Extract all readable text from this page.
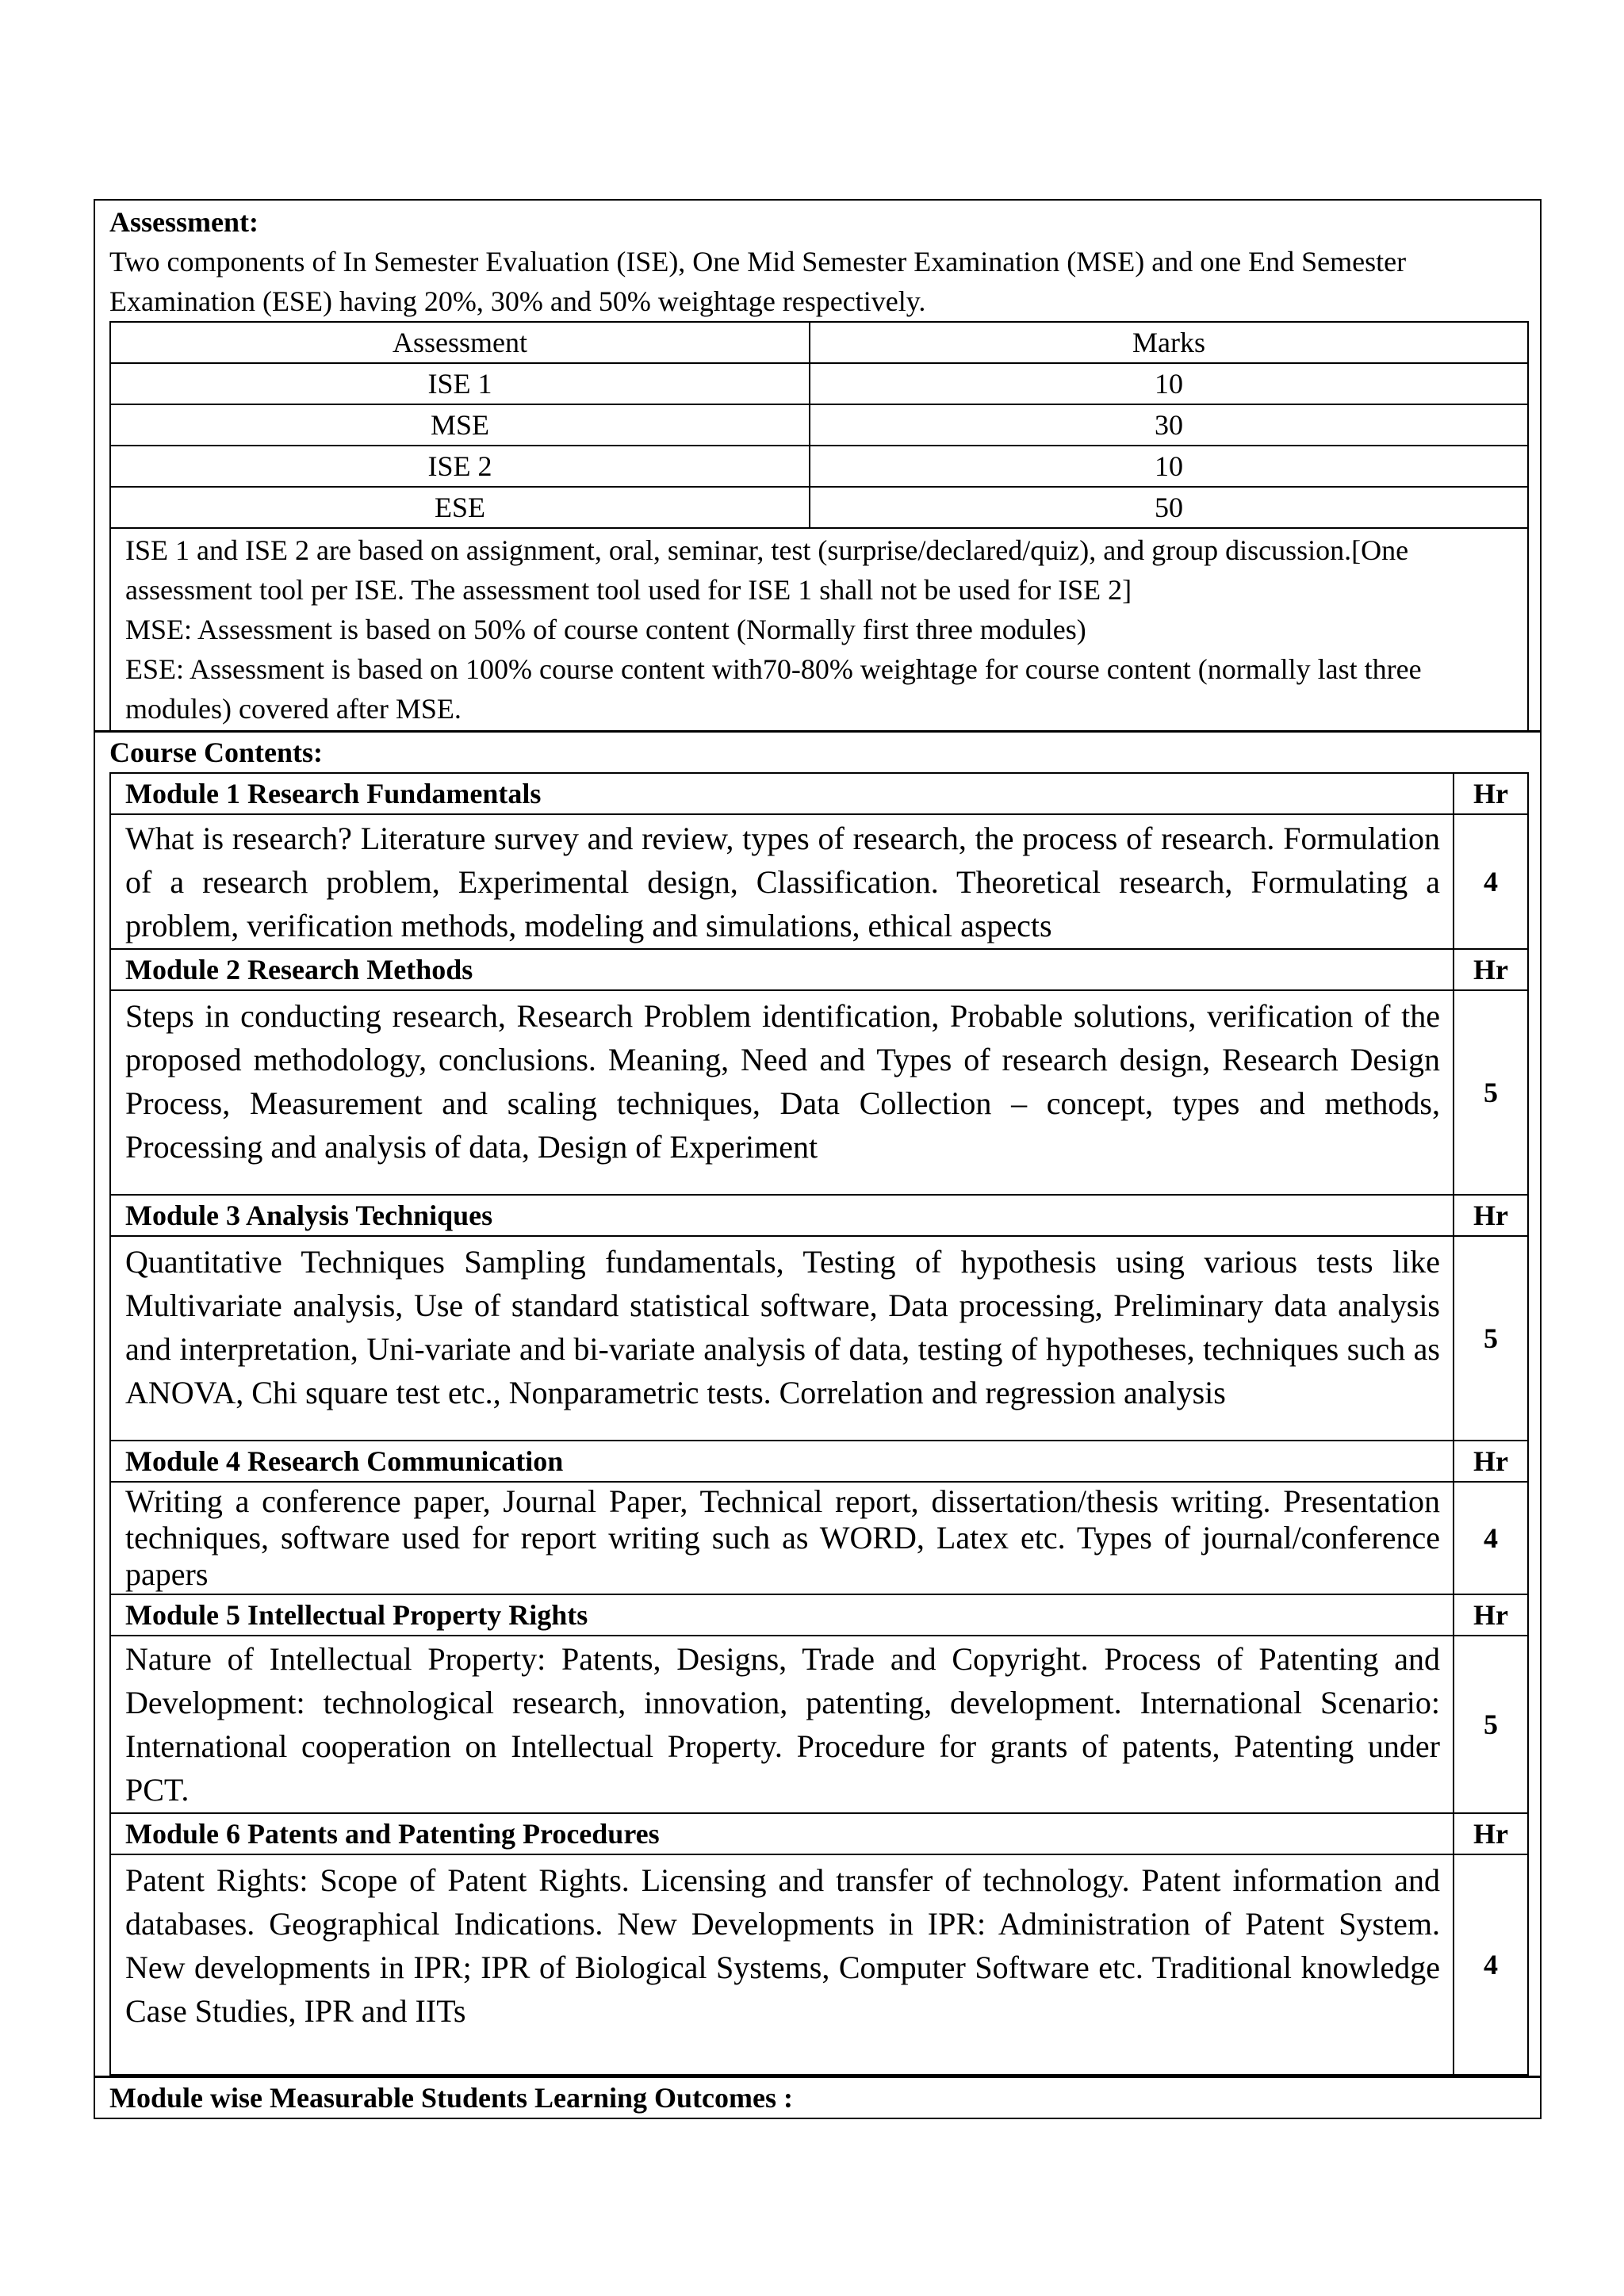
Assessment:
Two components of In Semester Evaluation (ISE), One Mid Semester Examination (MSE) and one End Semester Examination (ESE) having 20%, 30% and 50% weightage respectively.
Assessment	Marks
ISE 1	10
MSE	30
ISE 2	10
ESE	50
ISE 1 and ISE 2 are based on assignment, oral, seminar, test (surprise/declared/quiz), and group discussion.[One assessment tool per ISE. The assessment tool used for ISE 1 shall not be used for ISE 2]
MSE: Assessment is based on 50% of course content (Normally first three modules)
ESE: Assessment is based on 100% course content with70-80% weightage for course content (normally last three modules) covered after MSE.
Course Contents:
Module 1 Research Fundamentals	Hr
What is research? Literature survey and review, types of research, the process of research. Formulation of a research problem, Experimental design, Classification. Theoretical research, Formulating a problem, verification methods, modeling and simulations, ethical aspects	4
Module 2 Research Methods	Hr
Steps in conducting research, Research Problem identification, Probable solutions, verification of the proposed methodology, conclusions. Meaning, Need and Types of research design, Research Design Process, Measurement and scaling techniques, Data Collection – concept, types and methods, Processing and analysis of data, Design of Experiment	5
Module 3 Analysis Techniques	Hr
Quantitative Techniques Sampling fundamentals, Testing of hypothesis using various tests like Multivariate analysis, Use of standard statistical software, Data processing, Preliminary data analysis and interpretation, Uni-variate and bi-variate analysis of data, testing of hypotheses, techniques such as ANOVA, Chi square test etc., Nonparametric tests. Correlation and regression analysis	5
Module 4 Research Communication	Hr
Writing a conference paper, Journal Paper, Technical report, dissertation/thesis writing. Presentation techniques, software used for report writing such as WORD, Latex etc. Types of journal/conference papers	4
Module 5 Intellectual Property Rights	Hr
Nature of Intellectual Property: Patents, Designs, Trade and Copyright. Process of Patenting and Development: technological research, innovation, patenting, development. International Scenario: International cooperation on Intellectual Property. Procedure for grants of patents, Patenting under PCT.	5
Module 6 Patents and Patenting Procedures	Hr
Patent Rights: Scope of Patent Rights. Licensing and transfer of technology. Patent information and databases. Geographical Indications. New Developments in IPR: Administration of Patent System. New developments in IPR; IPR of Biological Systems, Computer Software etc. Traditional knowledge Case Studies, IPR and IITs	4
Module wise Measurable Students Learning Outcomes :
